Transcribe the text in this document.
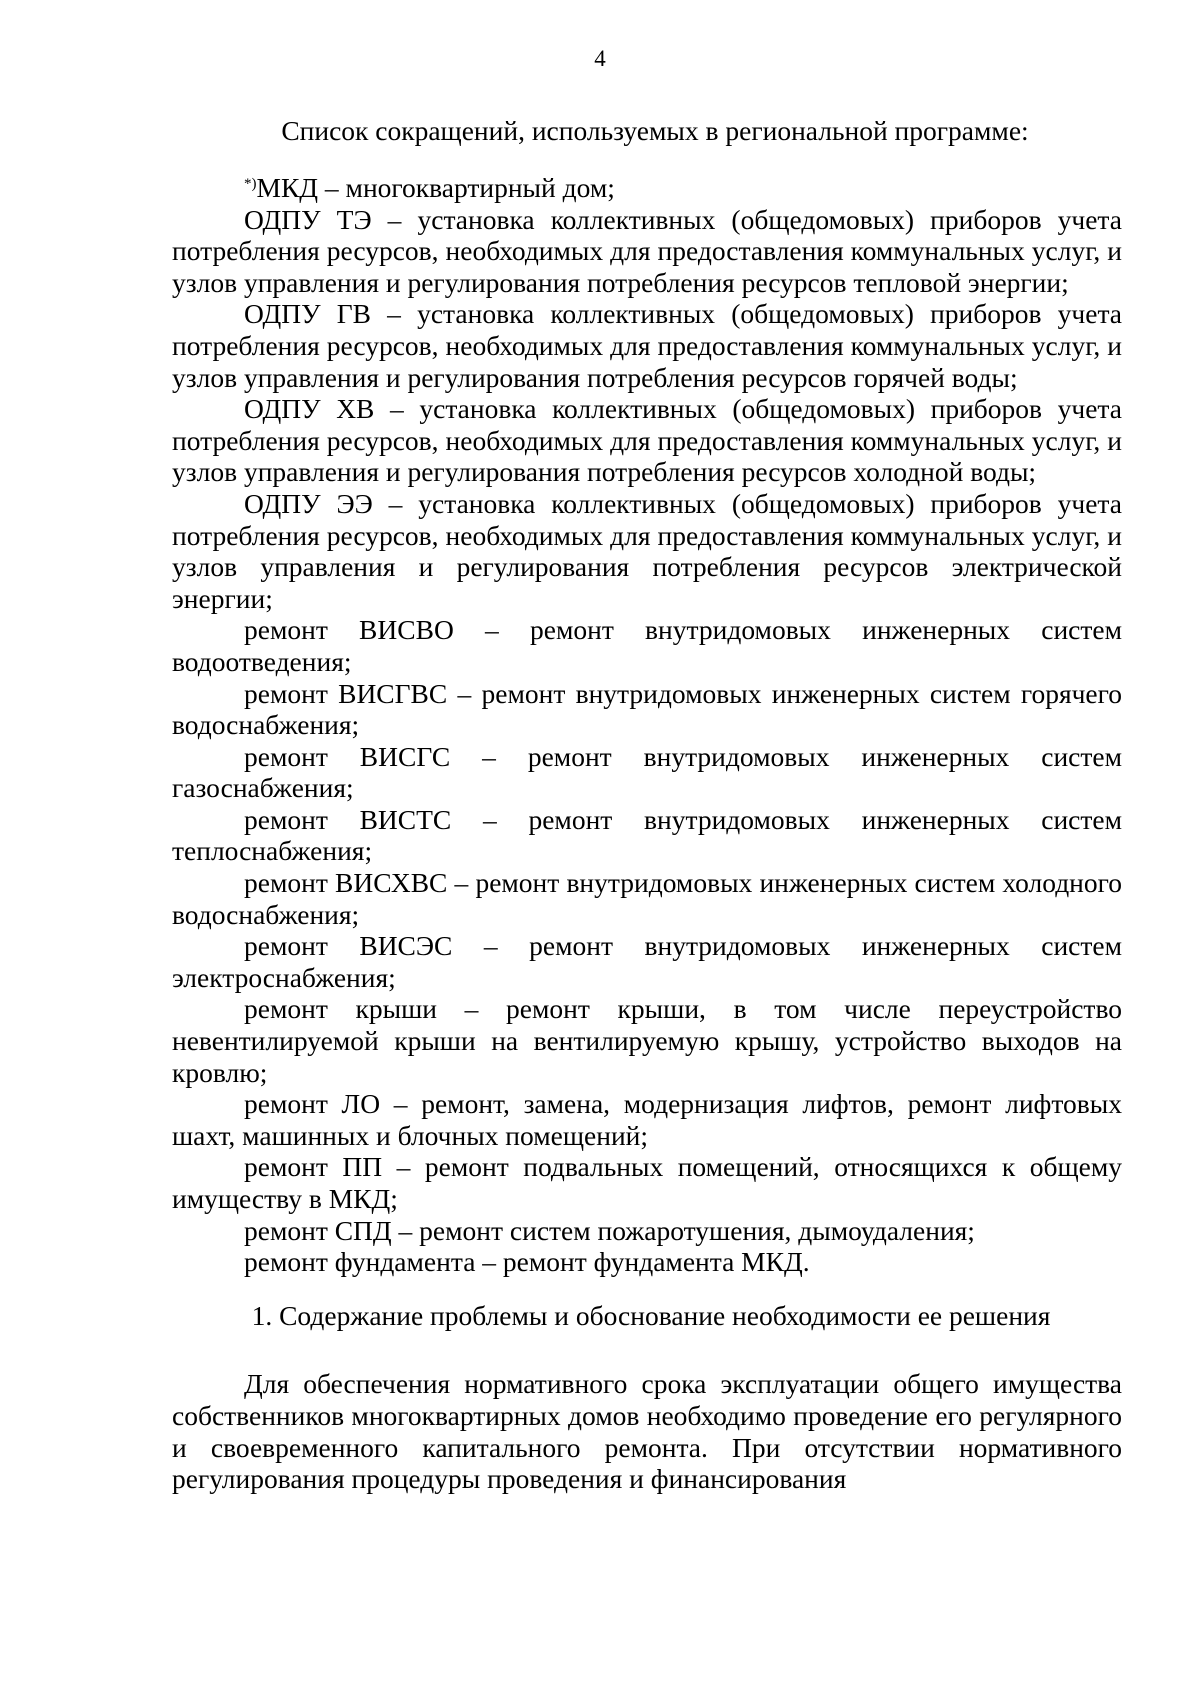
4
Список сокращений, используемых в региональной программе:

*)МКД – многоквартирный дом;

ОДПУ ТЭ – установка коллективных (общедомовых) приборов учета потребления ресурсов, необходимых для предоставления коммунальных услуг, и узлов управления и регулирования потребления ресурсов тепловой энергии;

ОДПУ ГВ – установка коллективных (общедомовых) приборов учета потребления ресурсов, необходимых для предоставления коммунальных услуг, и узлов управления и регулирования потребления ресурсов горячей воды;

ОДПУ ХВ – установка коллективных (общедомовых) приборов учета потребления ресурсов, необходимых для предоставления коммунальных услуг, и узлов управления и регулирования потребления ресурсов холодной воды;

ОДПУ ЭЭ – установка коллективных (общедомовых) приборов учета потребления ресурсов, необходимых для предоставления коммунальных услуг, и узлов управления и регулирования потребления ресурсов электрической энергии;

ремонт ВИСВО – ремонт внутридомовых инженерных систем водоотведения;

ремонт ВИСГВС – ремонт внутридомовых инженерных систем горячего водоснабжения;

ремонт ВИСГС – ремонт внутридомовых инженерных систем газоснабжения;

ремонт ВИСТС – ремонт внутридомовых инженерных систем теплоснабжения;

ремонт ВИСХВС – ремонт внутридомовых инженерных систем холодного водоснабжения;

ремонт ВИСЭС – ремонт внутридомовых инженерных систем электроснабжения;

ремонт крыши – ремонт крыши, в том числе переустройство невентилируемой крыши на вентилируемую крышу, устройство выходов на кровлю;

ремонт ЛО – ремонт, замена, модернизация лифтов, ремонт лифтовых шахт, машинных и блочных помещений;

ремонт ПП – ремонт подвальных помещений, относящихся к общему имуществу в МКД;

ремонт СПД – ремонт систем пожаротушения, дымоудаления;

ремонт фундамента – ремонт фундамента МКД.

1. Содержание проблемы и обоснование необходимости ее решения

Для обеспечения нормативного срока эксплуатации общего имущества собственников многоквартирных домов необходимо проведение его регулярного и своевременного капитального ремонта. При отсутствии нормативного регулирования процедуры проведения и финансирования
